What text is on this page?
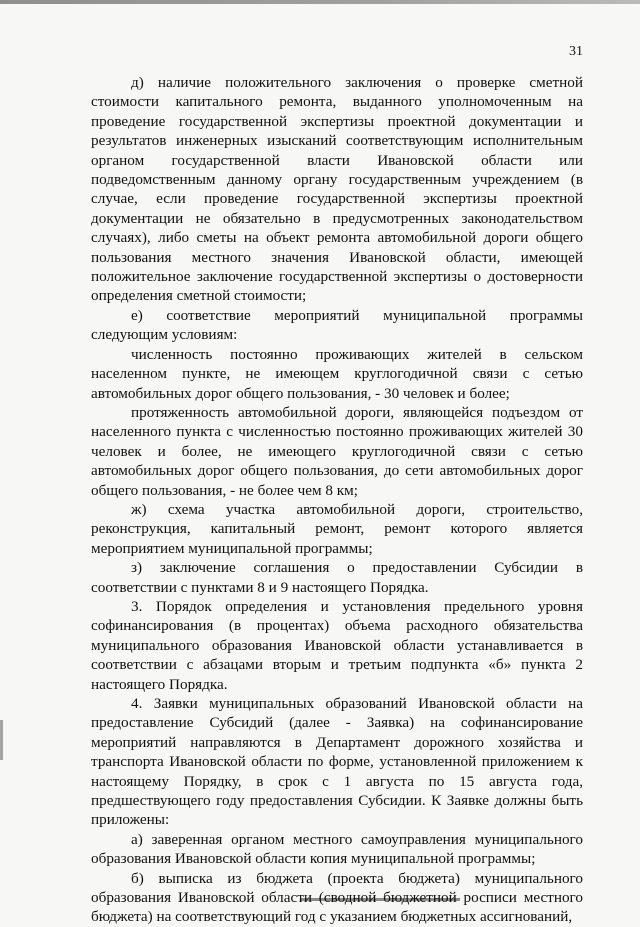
31

д) наличие положительного заключения о проверке сметной стоимости капитального ремонта, выданного уполномоченным на проведение государственной экспертизы проектной документации и результатов инженерных изысканий соответствующим исполнительным органом государственной власти Ивановской области или подведомственным данному органу государственным учреждением (в случае, если проведение государственной экспертизы проектной документации не обязательно в предусмотренных законодательством случаях), либо сметы на объект ремонта автомобильной дороги общего пользования местного значения Ивановской области, имеющей положительное заключение государственной экспертизы о достоверности определения сметной стоимости;

е) соответствие мероприятий муниципальной программы следующим условиям:

численность постоянно проживающих жителей в сельском населенном пункте, не имеющем круглогодичной связи с сетью автомобильных дорог общего пользования, - 30 человек и более;

протяженность автомобильной дороги, являющейся подъездом от населенного пункта с численностью постоянно проживающих жителей 30 человек и более, не имеющего круглогодичной связи с сетью автомобильных дорог общего пользования, до сети автомобильных дорог общего пользования, - не более чем 8 км;

ж) схема участка автомобильной дороги, строительство, реконструкция, капитальный ремонт, ремонт которого является мероприятием муниципальной программы;

з) заключение соглашения о предоставлении Субсидии в соответствии с пунктами 8 и 9 настоящего Порядка.

3. Порядок определения и установления предельного уровня софинансирования (в процентах) объема расходного обязательства муниципального образования Ивановской области устанавливается в соответствии с абзацами вторым и третьим подпункта «б» пункта 2 настоящего Порядка.

4. Заявки муниципальных образований Ивановской области на предоставление Субсидий (далее - Заявка) на софинансирование мероприятий направляются в Департамент дорожного хозяйства и транспорта Ивановской области по форме, установленной приложением к настоящему Порядку, в срок с 1 августа по 15 августа года, предшествующего году предоставления Субсидии. К Заявке должны быть приложены:

а) заверенная органом местного самоуправления муниципального образования Ивановской области копия муниципальной программы;

б) выписка из бюджета (проекта бюджета) муниципального образования Ивановской области (сводной бюджетной росписи местного бюджета) на соответствующий год с указанием бюджетных ассигнований,
